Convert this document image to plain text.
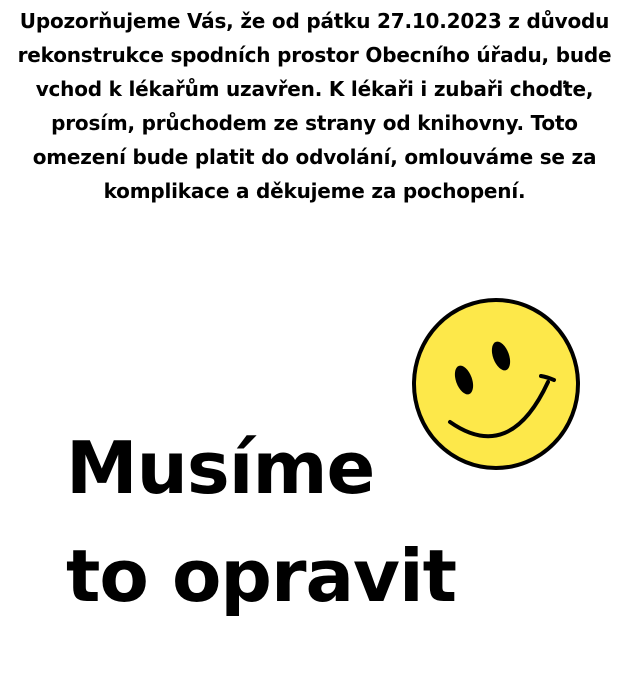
Upozorňujeme Vás, že od pátku 27.10.2023 z důvodu
rekonstrukce spodních prostor Obecního úřadu, bude
vchod k lékařům uzavřen. K lékaři i zubaři choďte,
prosím, průchodem ze strany od knihovny. Toto
omezení bude platit do odvolání, omlouváme se za
komplikace a děkujeme za pochopení.
Musíme
to opravit
